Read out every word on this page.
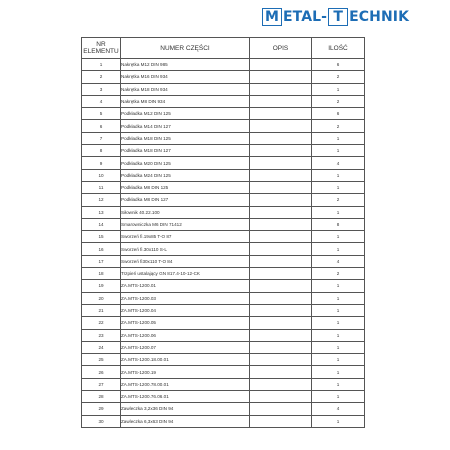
M ETAL- T ECHNIK
NR
ELEMENTU	NUMER CZĘŚCI	OPIS	ILOŚĆ
1	Nakrętka M12 DIN 985		6
2	Nakrętka M16 DIN 934		2
3	Nakrętka M18 DIN 934		1
4	Nakrętka M8 DIN 934		2
5	Podkładka M12 DIN 125		6
6	Podkładka M14 DIN 127		2
7	Podkładka M18 DIN 125		1
8	Podkładka M18 DIN 127		1
9	Podkładka M20 DIN 125		4
10	Podkładka M24 DIN 125		1
11	Podkładka M8 DIN 125		1
12	Podkładka M8 DIN 127		2
13	Siłownik 40.22.100		1
14	Smarowniczka M6 DIN 71412		8
15	Sworzeń fi.19x85 T-O 87		1
16	Sworzeń fi.30x110 S-L		1
17	Sworzeń fi30x110 T-O 84		4
18	Trzpień ustalający GN 817.4-10-12-CK		2
19	ZA.MTS-1200.01		1
20	ZA.MTS-1200.03		1
21	ZA.MTS-1200.04		1
22	ZA.MTS-1200.05		1
23	ZA.MTS-1200.06		1
24	ZA.MTS-1200.07		1
25	ZA.MTS-1200.18.00.01		1
26	ZA.MTS-1200.19		1
27	ZA.MTS-1200.78.00.01		1
28	ZA.MTS-1200.76.06.01		1
29	Zawleczka 3,2x36 DIN 94		4
30	Zawleczka 6,3x63 DIN 94		1
